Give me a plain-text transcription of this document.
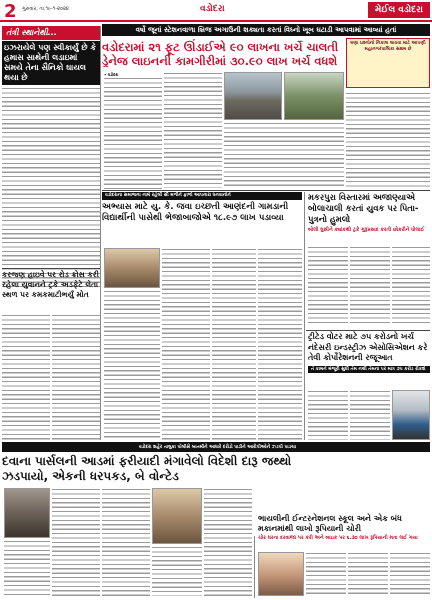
2 ગુરુવાર, તા.૧૯-૧-૨૦૨૪	વડોદરા	મેઈલ વડોદરા
તંત્રી સ્થાનેથી...
ઇઝરાયેલે પણ સ્વીકાર્યું છે કે હમાસ સાથેની લડાઇમાં સમયે તેના સૈનિકો ઘાયલ થયા છે
વર્ષો જૂનાં સ્ટેશનવાળા બ્રિજ અગાઉની શક્યતા કરતાં વિઘ્નો ખૂબ ઘટાડી આપવામાં આવ્યાં હતાં
વડોદરામાં ૨૧ ફૂટ ઊંડાઈએ ૯૦ લાખના ખર્ચે ચાલતી ડ્રેનેજ લાઇનની કામગીરીમાં ૩૦.૯૦ લાખ ખર્ચ વધશે
ઘણા પ્રશ્નોનો નિકાલ લાવવા માટે આપણી મહાનગરપાલિકા સક્ષમ છે
• વડોદરા
વડોદરાના સમાજના નામે રહેલી સૌ મળીને ફાળો આપનારા ધનવાનોને
અભ્યાસ માટે યુ. કે. જવા ઇચ્છતી આણંદની ગામડાની વિદ્યાર્થીની પાસેથી ભેજાબાજોએ ૧૮.૯૭ લાખ પડાવ્યા
મકરપુરા વિસ્તારમાં અજાણ્યાએ બોલાચાલી કરતાં યુવક પર પિતા-પુત્રનો હુમલો
બોલી ઘુસીને ક્યાંકથી ટ્રકે ગુરૂપ્રસાદ કરતી છોકરીને ધોલાઈ
ટ્રીટેડ વોટર માટે ૭૫ કરોડનો ખર્ચ નંદેસરી ઇન્ડસ્ટ્રીઝ એસોસિએશન કરે તેવી કોર્પોરેશનની રજૂઆત
તે કામને મંજૂરી સુધી તેમ નથી તેમના પર માત્ર ૭૫ કરોડ રોકશે
કરજણ હાઇવે પર રોડ ક્રોસ કરી રહેલા યુવાનને ટ્રકે અડફેટે લેતા સ્થળ પર કમકમાટીભર્યું મોત
વડોદરા શહેર તાલુકા પોલીસે બાતમીને આધારે દરોડો પાડીને આરોપીઓને ઝડપી પાડયા
દવાના પાર્સલની આડમાં ફરીયાદી મંગાવેલો વિદેશી દારૂ જથ્થો ઝડપાયો, એકની ધરપકડ, બે વોન્ટેડ
ભાયલીની ઈન્ટરનેશનલ સ્કૂલ અને એક બંધ મકાનમાંથી લાખો રૂપિયાની ચોરી
ચોર ઘરના દરવાજા પર કરી અને બાઇક પર ૬.૩૦ લાખ રૂપિયાની મતા લઈ ગયા
